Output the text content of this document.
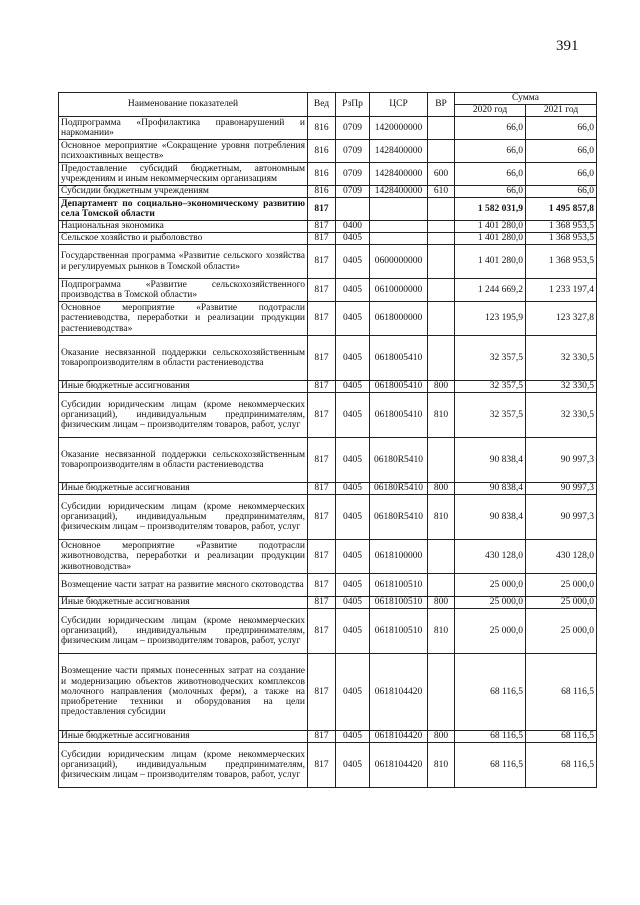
391
Наименование показателей	Вед	РзПр	ЦСР	ВР	Сумма	
					2020 год	2021 год
Подпрограмма «Профилактика правонарушений и наркомании»	816	0709	1420000000		66,0	66,0
Основное мероприятие «Сокращение уровня потребления психоактивных веществ»	816	0709	1428400000		66,0	66,0
Предоставление субсидий бюджетным, автономным учреждениям и иным некоммерческим организациям	816	0709	1428400000	600	66,0	66,0
Субсидии бюджетным учреждениям	816	0709	1428400000	610	66,0	66,0
Департамент по социально–экономическому развитию села Томской области	817				1 582 031,9	1 495 857,8
Национальная экономика	817	0400			1 401 280,0	1 368 953,5
Сельское хозяйство и рыболовство	817	0405			1 401 280,0	1 368 953,5
Государственная программа «Развитие сельского хозяйства и регулируемых рынков в Томской области»	817	0405	0600000000		1 401 280,0	1 368 953,5
Подпрограмма «Развитие сельскохозяйственного производства в Томской области»	817	0405	0610000000		1 244 669,2	1 233 197,4
Основное мероприятие «Развитие подотрасли растениеводства, переработки и реализации продукции растениеводства»	817	0405	0618000000		123 195,9	123 327,8
Оказание несвязанной поддержки сельскохозяйственным товаропроизводителям в области растениеводства	817	0405	0618005410		32 357,5	32 330,5
Иные бюджетные ассигнования	817	0405	0618005410	800	32 357,5	32 330,5
Субсидии юридическим лицам (кроме некоммерческих организаций), индивидуальным предпринимателям, физическим лицам – производителям товаров, работ, услуг	817	0405	0618005410	810	32 357,5	32 330,5
Оказание несвязанной поддержки сельскохозяйственным товаропроизводителям в области растениеводства	817	0405	06180R5410		90 838,4	90 997,3
Иные бюджетные ассигнования	817	0405	06180R5410	800	90 838,4	90 997,3
Субсидии юридическим лицам (кроме некоммерческих организаций), индивидуальным предпринимателям, физическим лицам – производителям товаров, работ, услуг	817	0405	06180R5410	810	90 838,4	90 997,3
Основное мероприятие «Развитие подотрасли животноводства, переработки и реализации продукции животноводства»	817	0405	0618100000		430 128,0	430 128,0
Возмещение части затрат на развитие мясного скотоводства	817	0405	0618100510		25 000,0	25 000,0
Иные бюджетные ассигнования	817	0405	0618100510	800	25 000,0	25 000,0
Субсидии юридическим лицам (кроме некоммерческих организаций), индивидуальным предпринимателям, физическим лицам – производителям товаров, работ, услуг	817	0405	0618100510	810	25 000,0	25 000,0
Возмещение части прямых понесенных затрат на создание и модернизацию объектов животноводческих комплексов молочного направления (молочных ферм), а также на приобретение техники и оборудования на цели предоставления субсидии	817	0405	0618104420		68 116,5	68 116,5
Иные бюджетные ассигнования	817	0405	0618104420	800	68 116,5	68 116,5
Субсидии юридическим лицам (кроме некоммерческих организаций), индивидуальным предпринимателям, физическим лицам – производителям товаров, работ, услуг	817	0405	0618104420	810	68 116,5	68 116,5
